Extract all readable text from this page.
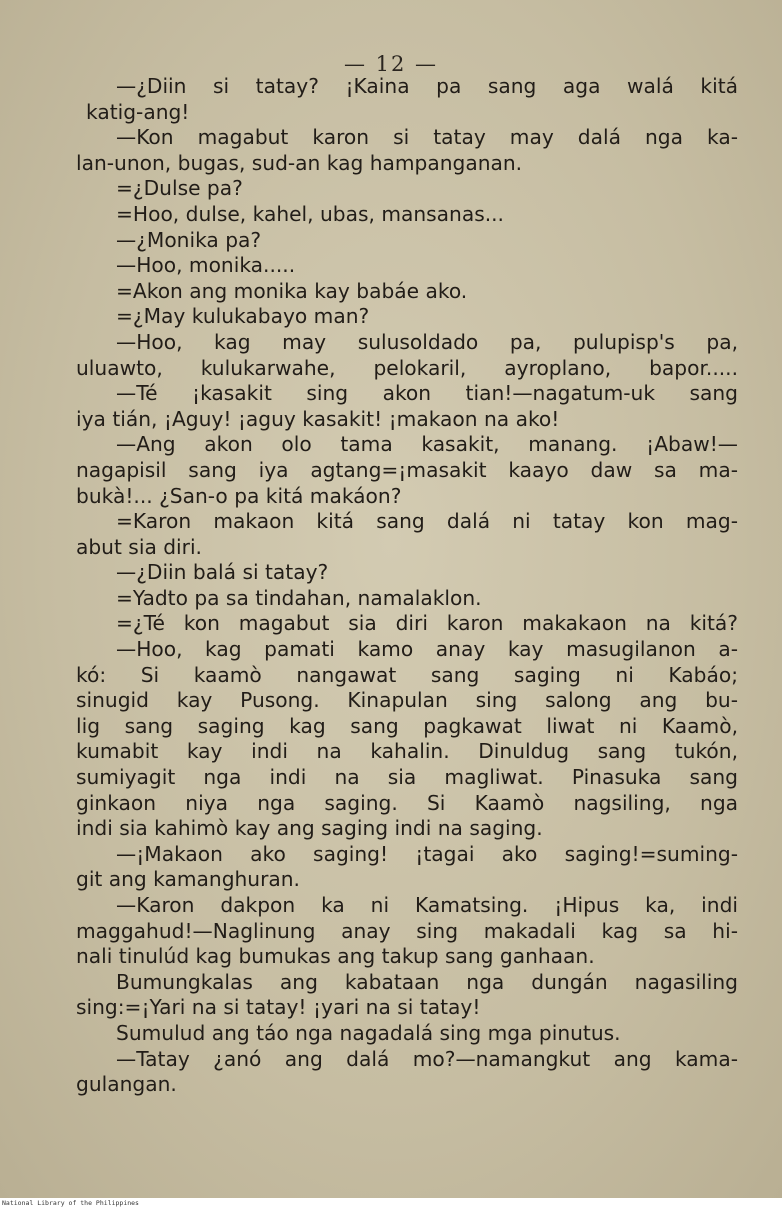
— 12 —
—¿Diin si tatay? ¡Kaina pa sang aga walá kitá
katig-ang!
—Kon magabut karon si tatay may dalá nga ka-
lan-unon, bugas, sud-an kag hampanganan.
=¿Dulse pa?
=Hoo, dulse, kahel, ubas, mansanas...
—¿Monika pa?
—Hoo, monika.....
=Akon ang monika kay babáe ako.
=¿May kulukabayo man?
—Hoo, kag may sulusoldado pa, pulupisp's pa,
uluawto, kulukarwahe, pelokaril, ayroplano, bapor.....
—Té ¡kasakit sing akon tian!—nagatum-uk sang
iya tián, ¡Aguy! ¡aguy kasakit! ¡makaon na ako!
—Ang akon olo tama kasakit, manang. ¡Abaw!—
nagapisil sang iya agtang=¡masakit kaayo daw sa ma-
bukà!... ¿San-o pa kitá makáon?
=Karon makaon kitá sang dalá ni tatay kon mag-
abut sia diri.
—¿Diin balá si tatay?
=Yadto pa sa tindahan, namalaklon.
=¿Té kon magabut sia diri karon makakaon na kitá?
—Hoo, kag pamati kamo anay kay masugilanon a-
kó: Si kaamò nangawat sang saging ni Kabáo;
sinugid kay Pusong. Kinapulan sing salong ang bu-
lig sang saging kag sang pagkawat liwat ni Kaamò,
kumabit kay indi na kahalin. Dinuldug sang tukón,
sumiyagit nga indi na sia magliwat. Pinasuka sang
ginkaon niya nga saging. Si Kaamò nagsiling, nga
indi sia kahimò kay ang saging indi na saging.
—¡Makaon ako saging! ¡tagai ako saging!=suming-
git ang kamanghuran.
—Karon dakpon ka ni Kamatsing. ¡Hipus ka, indi
maggahud!—Naglinung anay sing makadali kag sa hi-
nali tinulúd kag bumukas ang takup sang ganhaan.
Bumungkalas ang kabataan nga dungán nagasiling
sing:=¡Yari na si tatay! ¡yari na si tatay!
Sumulud ang táo nga nagadalá sing mga pinutus.
—Tatay ¿anó ang dalá mo?—namangkut ang kama-
gulangan.
National Library of the Philippines
